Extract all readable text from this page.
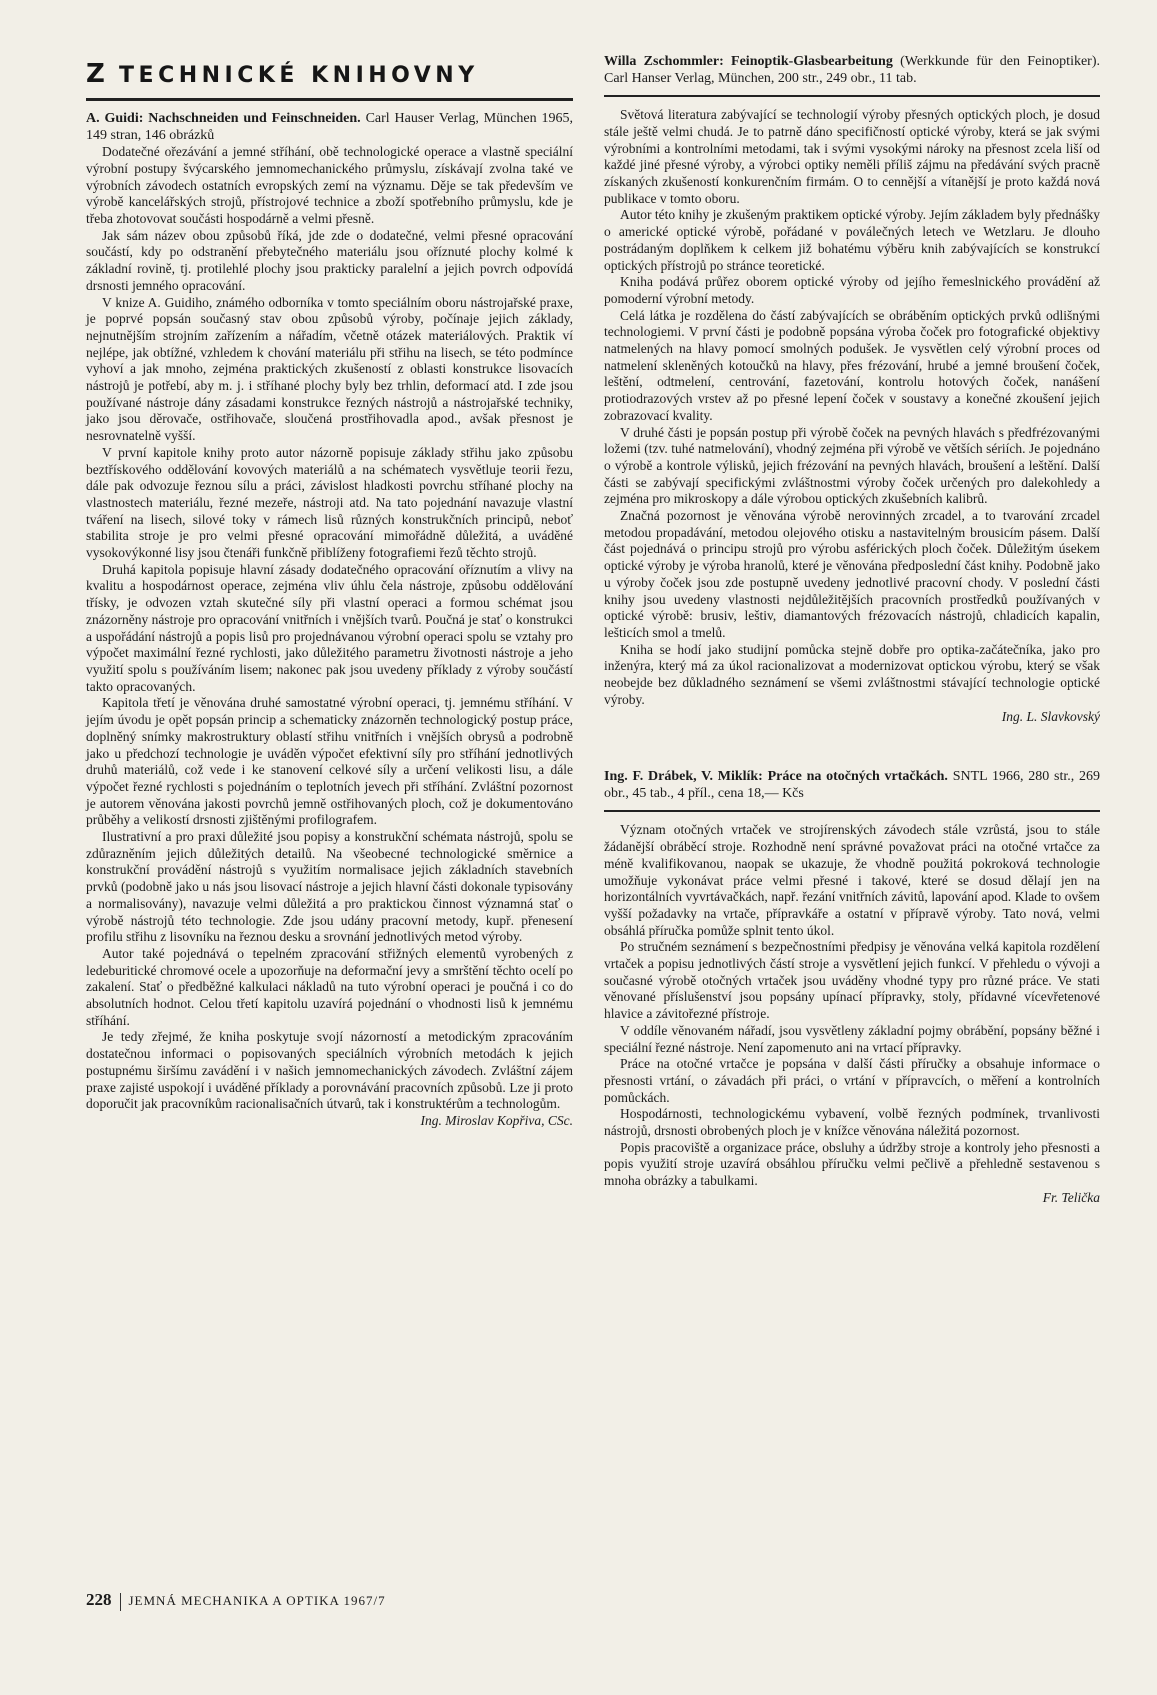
Z TECHNICKÉ KNIHOVNY

A. Guidi: Nachschneiden und Feinschneiden. Carl Hauser Verlag, München 1965, 149 stran, 146 obrázků

Dodatečné ořezávání a jemné stříhání, obě technologické operace a vlastně speciální výrobní postupy švýcarského jemnomechanického průmyslu, získávají zvolna také ve výrobních závodech ostatních evropských zemí na významu. Děje se tak především ve výrobě kancelářských strojů, přístrojové technice a zboží spotřebního průmyslu, kde je třeba zhotovovat součásti hospodárně a velmi přesně.

Jak sám název obou způsobů říká, jde zde o dodatečné, velmi přesné opracování součástí, kdy po odstranění přebytečného materiálu jsou oříznuté plochy kolmé k základní rovině, tj. protilehlé plochy jsou prakticky paralelní a jejich povrch odpovídá drsnosti jemného opracování.

V knize A. Guidiho, známého odborníka v tomto speciálním oboru nástrojařské praxe, je poprvé popsán současný stav obou způsobů výroby, počínaje jejich základy, nejnutnějším strojním zařízením a nářadím, včetně otázek materiálových. Praktik ví nejlépe, jak obtížné, vzhledem k chování materiálu při střihu na lisech, se této podmínce vyhoví a jak mnoho, zejména praktických zkušeností z oblasti konstrukce lisovacích nástrojů je potřebí, aby m. j. i stříhané plochy byly bez trhlin, deformací atd. I zde jsou používané nástroje dány zásadami konstrukce řezných nástrojů a nástrojařské techniky, jako jsou děrovače, ostřihovače, sloučená prostřihovadla apod., avšak přesnost je nesrovnatelně vyšší.

V první kapitole knihy proto autor názorně popisuje základy střihu jako způsobu beztřískového oddělování kovových materiálů a na schématech vysvětluje teorii řezu, dále pak odvozuje řeznou sílu a práci, závislost hladkosti povrchu stříhané plochy na vlastnostech materiálu, řezné mezeře, nástroji atd. Na tato pojednání navazuje vlastní tváření na lisech, silové toky v rámech lisů různých konstrukčních principů, neboť stabilita stroje je pro velmi přesné opracování mimořádně důležitá, a uváděné vysokovýkonné lisy jsou čtenáři funkčně přiblíženy fotografiemi řezů těchto strojů.

Druhá kapitola popisuje hlavní zásady dodatečného opracování oříznutím a vlivy na kvalitu a hospodárnost operace, zejména vliv úhlu čela nástroje, způsobu oddělování třísky, je odvozen vztah skutečné síly při vlastní operaci a formou schémat jsou znázorněny nástroje pro opracování vnitřních i vnějších tvarů. Poučná je stať o konstrukci a uspořádání nástrojů a popis lisů pro projednávanou výrobní operaci spolu se vztahy pro výpočet maximální řezné rychlosti, jako důležitého parametru životnosti nástroje a jeho využití spolu s používáním lisem; nakonec pak jsou uvedeny příklady z výroby součástí takto opracovaných.

Kapitola třetí je věnována druhé samostatné výrobní operaci, tj. jemnému stříhání. V jejím úvodu je opět popsán princip a schematicky znázorněn technologický postup práce, doplněný snímky makrostruktury oblastí střihu vnitřních i vnějších obrysů a podrobně jako u předchozí technologie je uváděn výpočet efektivní síly pro stříhání jednotlivých druhů materiálů, což vede i ke stanovení celkové síly a určení velikosti lisu, a dále výpočet řezné rychlosti s pojednáním o teplotních jevech při stříhání. Zvláštní pozornost je autorem věnována jakosti povrchů jemně ostřihovaných ploch, což je dokumentováno průběhy a velikostí drsnosti zjištěnými profilografem.

Ilustrativní a pro praxi důležité jsou popisy a konstrukční schémata nástrojů, spolu se zdůrazněním jejich důležitých detailů. Na všeobecné technologické směrnice a konstrukční provádění nástrojů s využitím normalisace jejich základních stavebních prvků (podobně jako u nás jsou lisovací nástroje a jejich hlavní části dokonale typisovány a normalisovány), navazuje velmi důležitá a pro praktickou činnost významná stať o výrobě nástrojů této technologie. Zde jsou udány pracovní metody, kupř. přenesení profilu střihu z lisovníku na řeznou desku a srovnání jednotlivých metod výroby.

Autor také pojednává o tepelném zpracování střižných elementů vyrobených z ledeburitické chromové ocele a upozorňuje na deformační jevy a smrštění těchto ocelí po zakalení. Stať o předběžné kalkulaci nákladů na tuto výrobní operaci je poučná i co do absolutních hodnot. Celou třetí kapitolu uzavírá pojednání o vhodnosti lisů k jemnému stříhání.

Je tedy zřejmé, že kniha poskytuje svojí názorností a metodickým zpracováním dostatečnou informaci o popisovaných speciálních výrobních metodách k jejich postupnému širšímu zavádění i v našich jemnomechanických závodech. Zvláštní zájem praxe zajisté uspokojí i uváděné příklady a porovnávání pracovních způsobů. Lze ji proto doporučit jak pracovníkům racionalisačních útvarů, tak i konstruktérům a technologům.

Ing. Miroslav Kopřiva, CSc.

Willa Zschommler: Feinoptik-Glasbearbeitung (Werkkunde für den Feinoptiker). Carl Hanser Verlag, München, 200 str., 249 obr., 11 tab.

Světová literatura zabývající se technologií výroby přesných optických ploch, je dosud stále ještě velmi chudá. Je to patrně dáno specifičností optické výroby, která se jak svými výrobními a kontrolními metodami, tak i svými vysokými nároky na přesnost zcela liší od každé jiné přesné výroby, a výrobci optiky neměli příliš zájmu na předávání svých pracně získaných zkušeností konkurenčním firmám. O to cennější a vítanější je proto každá nová publikace v tomto oboru.

Autor této knihy je zkušeným praktikem optické výroby. Jejím základem byly přednášky o americké optické výrobě, pořádané v poválečných letech ve Wetzlaru. Je dlouho postrádaným doplňkem k celkem již bohatému výběru knih zabývajících se konstrukcí optických přístrojů po stránce teoretické.

Kniha podává průřez oborem optické výroby od jejího řemeslnického provádění až pomoderní výrobní metody.

Celá látka je rozdělena do částí zabývajících se obráběním optických prvků odlišnými technologiemi. V první části je podobně popsána výroba čoček pro fotografické objektivy natmelených na hlavy pomocí smolných podušek. Je vysvětlen celý výrobní proces od natmelení skleněných kotoučků na hlavy, přes frézování, hrubé a jemné broušení čoček, leštění, odtmelení, centrování, fazetování, kontrolu hotových čoček, nanášení protiodrazových vrstev až po přesné lepení čoček v soustavy a konečné zkoušení jejich zobrazovací kvality.

V druhé části je popsán postup při výrobě čoček na pevných hlavách s předfrézovanými ložemi (tzv. tuhé natmelování), vhodný zejména při výrobě ve větších sériích. Je pojednáno o výrobě a kontrole výlisků, jejich frézování na pevných hlavách, broušení a leštění. Další části se zabývají specifickými zvláštnostmi výroby čoček určených pro dalekohledy a zejména pro mikroskopy a dále výrobou optických zkušebních kalibrů.

Značná pozornost je věnována výrobě nerovinných zrcadel, a to tvarování zrcadel metodou propadávání, metodou olejového otisku a nastavitelným brousicím pásem. Další část pojednává o principu strojů pro výrobu asférických ploch čoček. Důležitým úsekem optické výroby je výroba hranolů, které je věnována předposlední část knihy. Podobně jako u výroby čoček jsou zde postupně uvedeny jednotlivé pracovní chody. V poslední části knihy jsou uvedeny vlastnosti nejdůležitějších pracovních prostředků používaných v optické výrobě: brusiv, leštiv, diamantových frézovacích nástrojů, chladicích kapalin, lešticích smol a tmelů.

Kniha se hodí jako studijní pomůcka stejně dobře pro optika-začátečníka, jako pro inženýra, který má za úkol racionalizovat a modernizovat optickou výrobu, který se však neobejde bez důkladného seznámení se všemi zvláštnostmi stávající technologie optické výroby.

Ing. L. Slavkovský

Ing. F. Drábek, V. Miklík: Práce na otočných vrtačkách. SNTL 1966, 280 str., 269 obr., 45 tab., 4 příl., cena 18,— Kčs

Význam otočných vrtaček ve strojírenských závodech stále vzrůstá, jsou to stále žádanější obráběcí stroje. Rozhodně není správné považovat práci na otočné vrtačce za méně kvalifikovanou, naopak se ukazuje, že vhodně použitá pokroková technologie umožňuje vykonávat práce velmi přesné i takové, které se dosud dělají jen na horizontálních vyvrtávačkách, např. řezání vnitřních závitů, lapování apod. Klade to ovšem vyšší požadavky na vrtače, přípravkáře a ostatní v přípravě výroby. Tato nová, velmi obsáhlá příručka pomůže splnit tento úkol.

Po stručném seznámení s bezpečnostními předpisy je věnována velká kapitola rozdělení vrtaček a popisu jednotlivých částí stroje a vysvětlení jejich funkcí. V přehledu o vývoji a současné výrobě otočných vrtaček jsou uváděny vhodné typy pro různé práce. Ve stati věnované příslušenství jsou popsány upínací přípravky, stoly, přídavné vícevřetenové hlavice a závitořezné přístroje.

V oddíle věnovaném nářadí, jsou vysvětleny základní pojmy obrábění, popsány běžné i speciální řezné nástroje. Není zapomenuto ani na vrtací přípravky.

Práce na otočné vrtačce je popsána v další části příručky a obsahuje informace o přesnosti vrtání, o závadách při práci, o vrtání v přípravcích, o měření a kontrolních pomůckách.

Hospodárnosti, technologickému vybavení, volbě řezných podmínek, trvanlivosti nástrojů, drsnosti obrobených ploch je v knížce věnována náležitá pozornost.

Popis pracoviště a organizace práce, obsluhy a údržby stroje a kontroly jeho přesnosti a popis využití stroje uzavírá obsáhlou příručku velmi pečlivě a přehledně sestavenou s mnoha obrázky a tabulkami.

Fr. Telička

228 JEMNÁ MECHANIKA A OPTIKA 1967/7
